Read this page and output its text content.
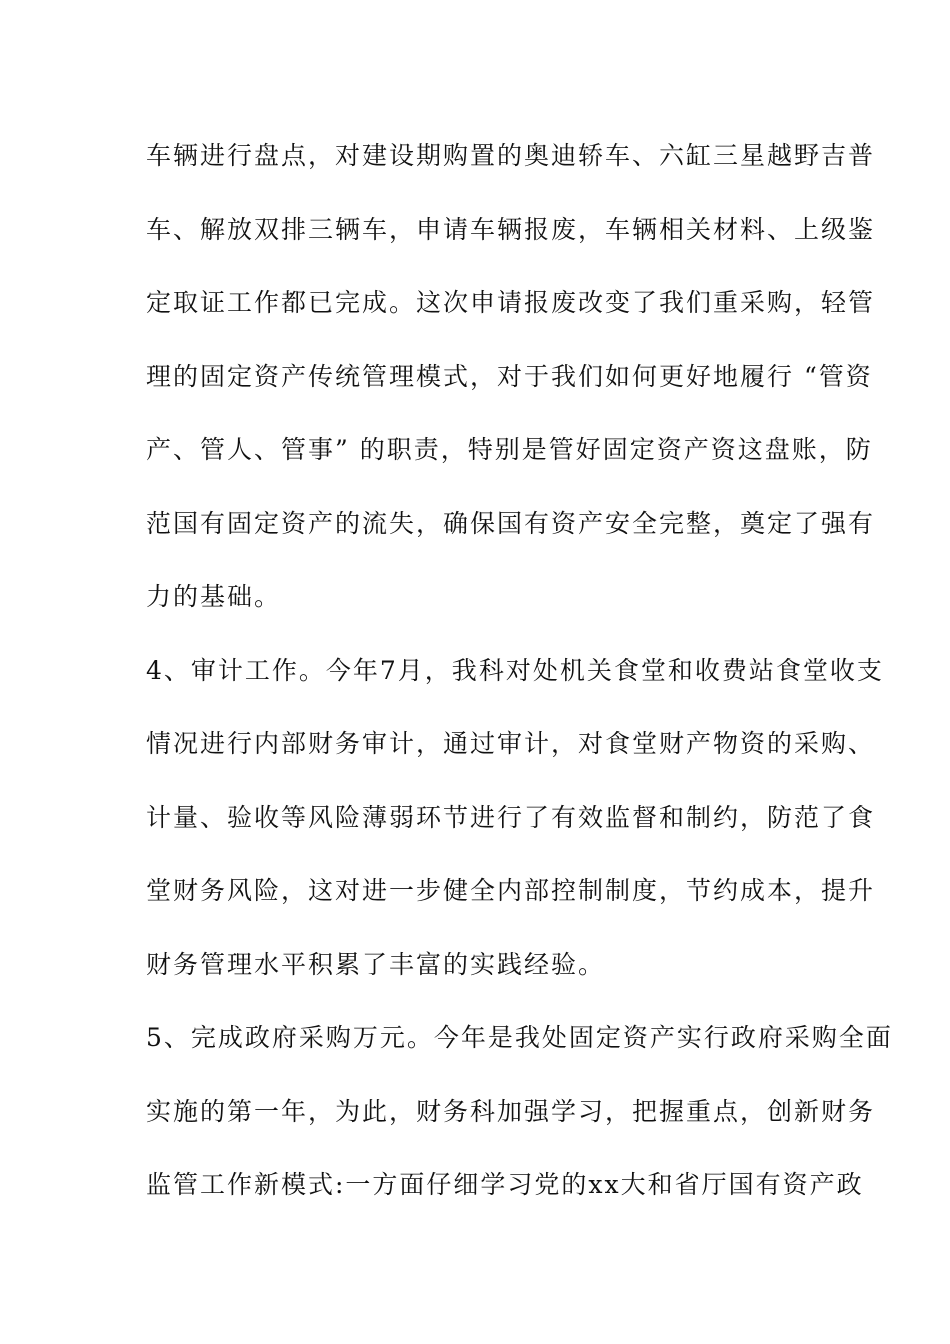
车辆进行盘点，对建设期购置的奥迪轿车、六缸三星越野吉普
车、解放双排三辆车，申请车辆报废，车辆相关材料、上级鉴
定取证工作都已完成。这次申请报废改变了我们重采购，轻管
理的固定资产传统管理模式，对于我们如何更好地履行 “管资
产、管人、管事” 的职责，特别是管好固定资产资这盘账，防
范国有固定资产的流失，确保国有资产安全完整，奠定了强有
力的基础。
4、审计工作。今年7月，我科对处机关食堂和收费站食堂收支
情况进行内部财务审计，通过审计，对食堂财产物资的采购、
计量、验收等风险薄弱环节进行了有效监督和制约，防范了食
堂财务风险，这对进一步健全内部控制制度，节约成本，提升
财务管理水平积累了丰富的实践经验。
5、完成政府采购万元。今年是我处固定资产实行政府采购全面
实施的第一年，为此，财务科加强学习，把握重点，创新财务
监管工作新模式:一方面仔细学习党的xx大和省厅国有资产政
